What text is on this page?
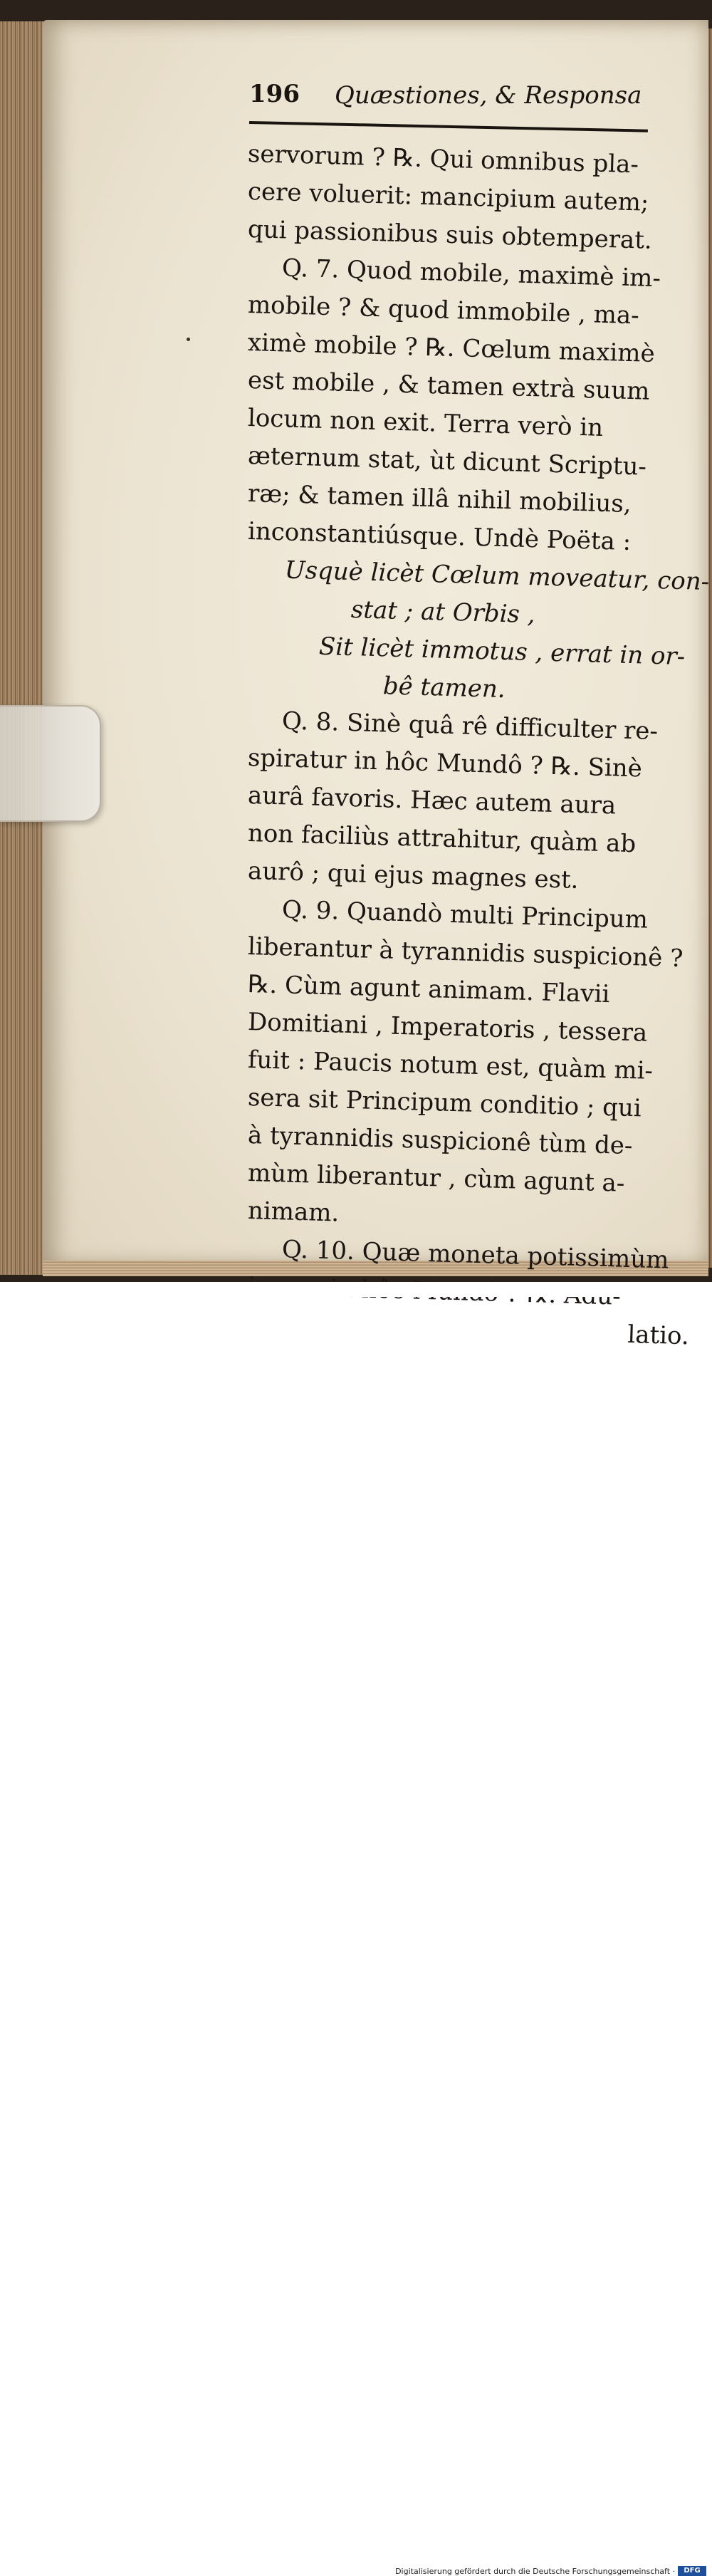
196 Quæstiones, & Responsa
servorum ? ℞. Qui omnibus pla-
cere voluerit: mancipium autem;
qui passionibus suis obtemperat.
Q. 7. Quod mobile, maximè im-
mobile ? & quod immobile , ma-
ximè mobile ? ℞. Cœlum maximè
est mobile , & tamen extrà suum
locum non exit. Terra verò in
æternum stat, ùt dicunt Scriptu-
ræ; & tamen illâ nihil mobilius,
inconstantiúsque. Undè Poëta :
Usquè licèt Cœlum moveatur, con-
stat ; at Orbis ,
Sit licèt immotus , errat in or-
bê tamen.
Q. 8. Sinè quâ rê difficulter re-
spiratur in hôc Mundô ? ℞. Sinè
aurâ favoris. Hæc autem aura
non faciliùs attrahitur, quàm ab
aurô ; qui ejus magnes est.
Q. 9. Quandò multi Principum
liberantur à tyrannidis suspicionê ?
℞. Cùm agunt animam. Flavii
Domitiani , Imperatoris , tessera
fuit : Paucis notum est, quàm mi-
sera sit Principum conditio ; qui
à tyrannidis suspicionê tùm de-
mùm liberantur , cùm agunt a-
nimam.
Q. 10. Quæ moneta potissimùm
latio.
Digitalisierung gefördert durch die Deutsche Forschungsgemeinschaft ·	DFG
